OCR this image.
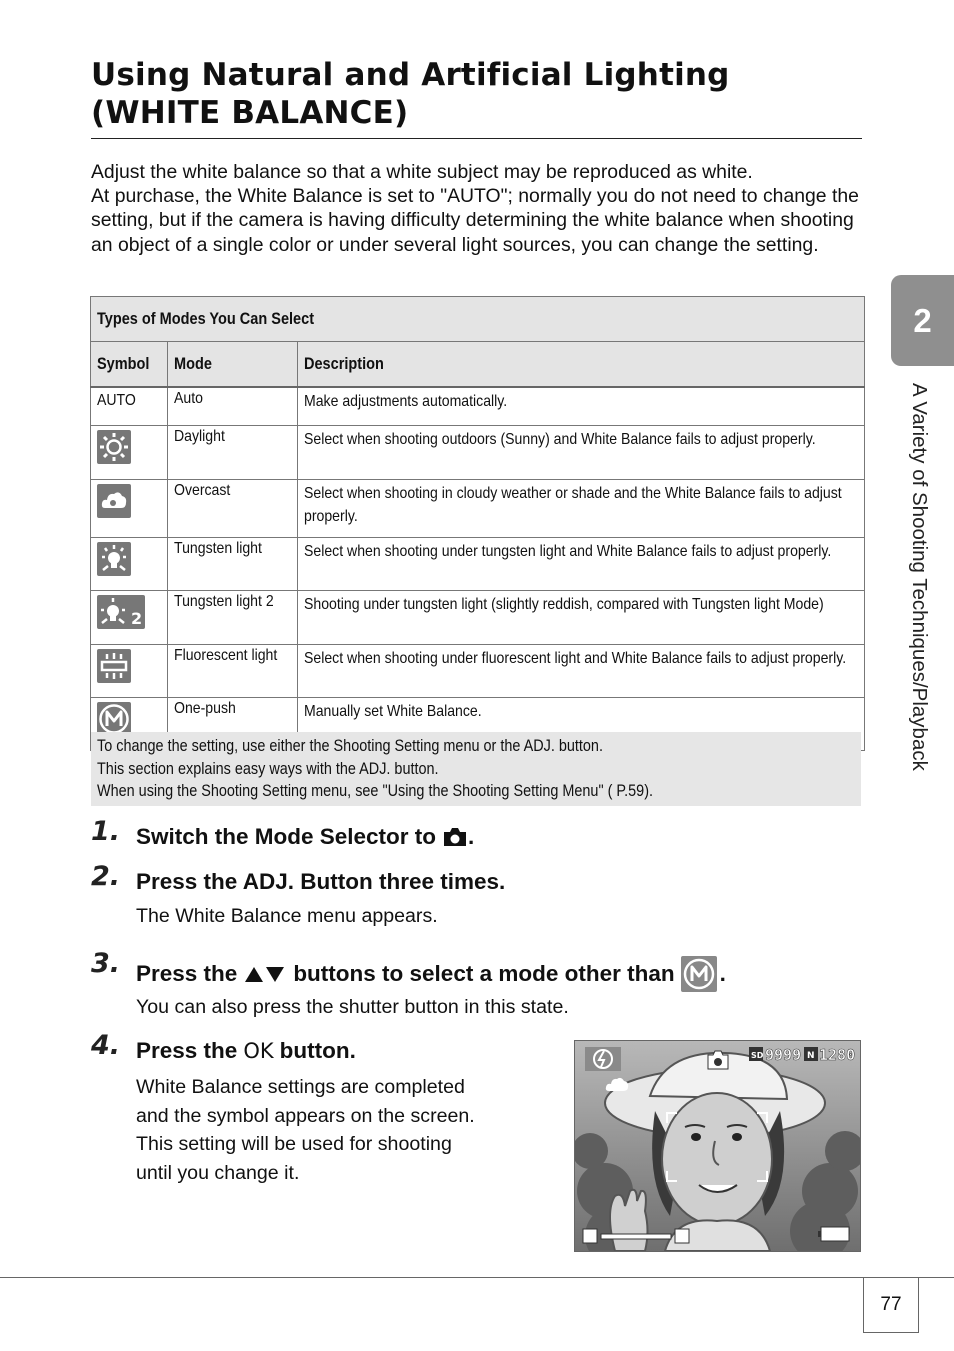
Using Natural and Artificial Lighting
(WHITE BALANCE)

Adjust the white balance so that a white subject may be reproduced as white.

At purchase, the White Balance is set to "AUTO"; normally you do not need to change the setting, but if the camera is having difficulty determining the white balance when shooting an object of a single color or under several light sources, you can change the setting.

Types of Modes You Can Select		
Symbol	Mode	Description
AUTO	Auto	Make adjustments automatically.

	Daylight	Select when shooting outdoors (Sunny) and White Balance fails to adjust properly.

	Overcast	Select when shooting in cloudy weather or shade and the White Balance fails to adjust properly.

	Tungsten light	Select when shooting under tungsten light and White Balance fails to adjust properly.

2	Tungsten light 2	Shooting under tungsten light (slightly reddish, compared with Tungsten light Mode)

	Fluorescent light	Select when shooting under fluorescent light and White Balance fails to adjust properly.

	One-push	Manually set White Balance.

To change the setting, use either the Shooting Setting menu or the ADJ. button.

This section explains easy ways with the ADJ. button.

When using the Shooting Setting menu, see "Using the Shooting Setting Menu" ( P.59).

1. Switch the Mode Selector to .
2. Press the ADJ. Button three times.
The White Balance menu appears.
3. Press the buttons to select a mode other than .
You can also press the shutter button in this state.
4. Press the OK button.

White Balance settings are completed

and the symbol appears on the screen.

This setting will be used for shooting

until you change it.

SD 9999 N 1280
2
A Variety of Shooting Techniques/Playback
77
